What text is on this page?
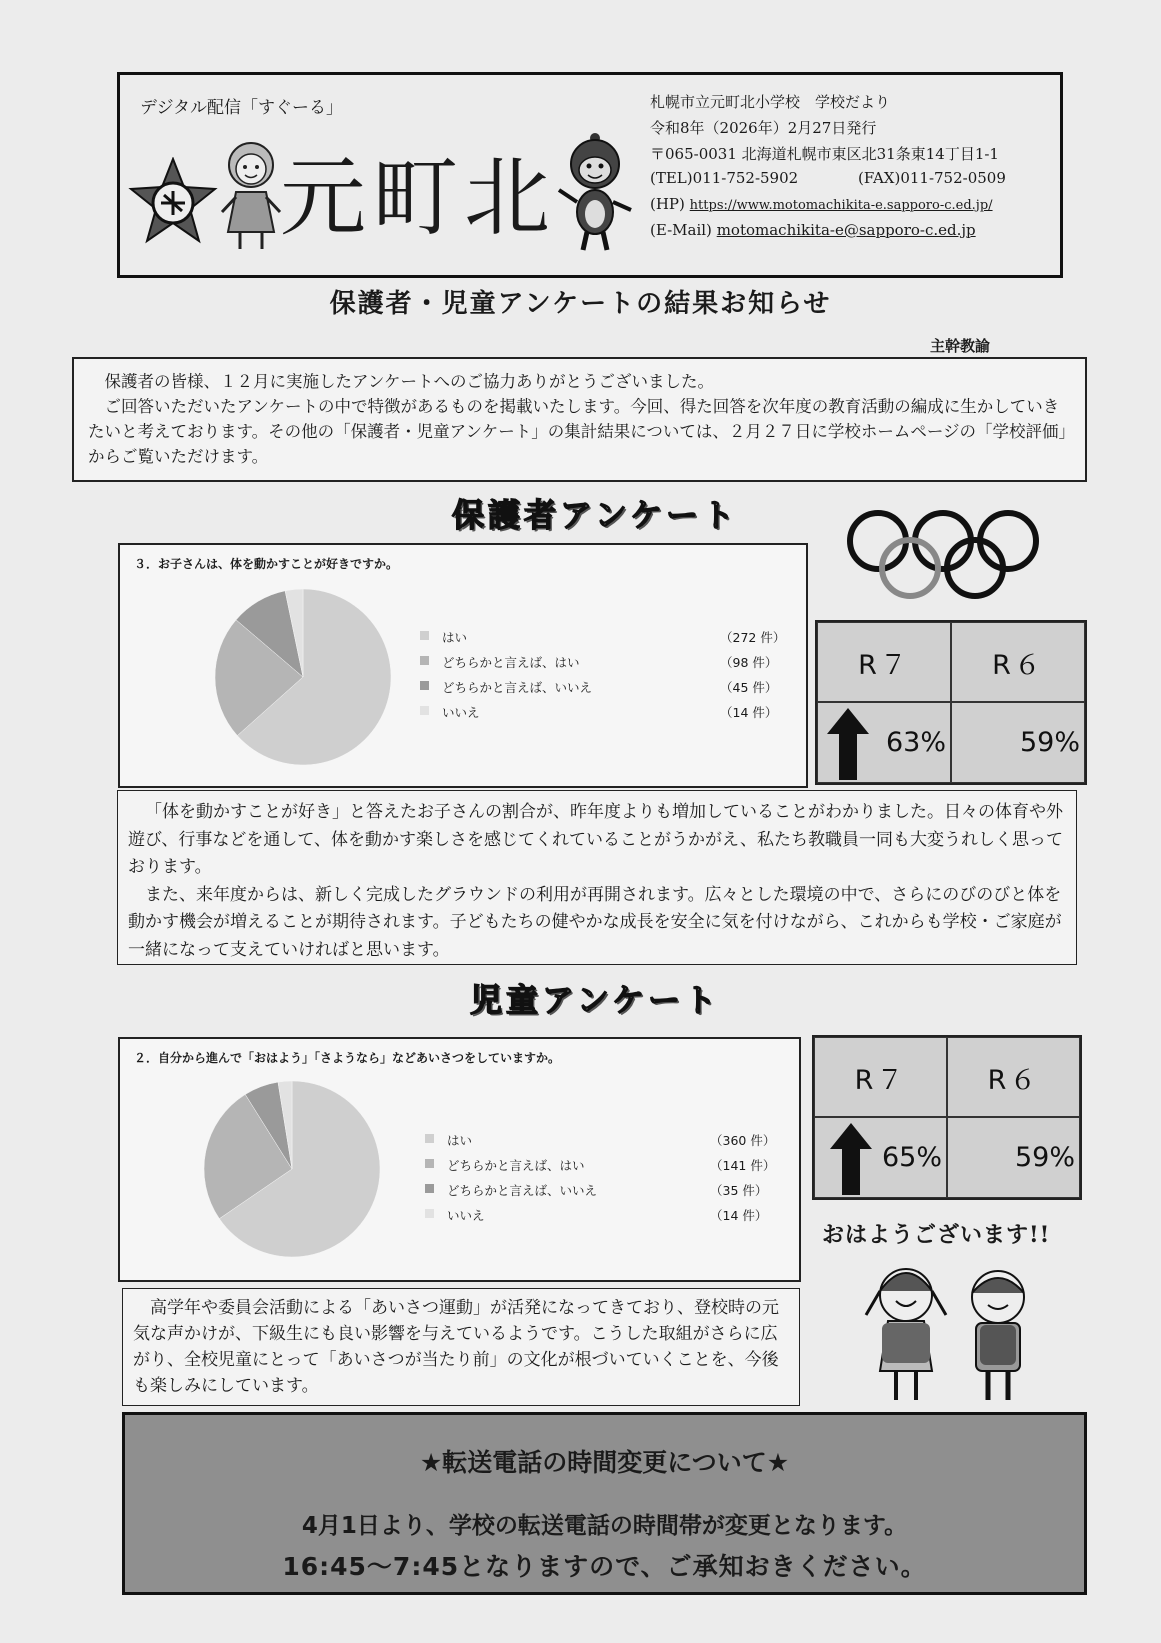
デジタル配信「すぐーる」
元町北
札幌市立元町北小学校　学校だより
令和8年（2026年）2月27日発行
〒065-0031 北海道札幌市東区北31条東14丁目1-1
(TEL)011-752-5902	(FAX)011-752-0509
(HP) https://www.motomachikita-e.sapporo-c.ed.jp/
(E-Mail) motomachikita-e@sapporo-c.ed.jp
保護者・児童アンケートの結果お知らせ
主幹教諭

保護者の皆様、１２月に実施したアンケートへのご協力ありがとうございました。

ご回答いただいたアンケートの中で特徴があるものを掲載いたします。今回、得た回答を次年度の教育活動の編成に生かしていきたいと考えております。その他の「保護者・児童アンケート」の集計結果については、２月２７日に学校ホームページの「学校評価」からご覧いただけます。

保護者アンケート
３．お子さんは、体を動かすことが好きですか。
はい	（272 件）
どちらかと言えば、はい	（98 件）
どちらかと言えば、いいえ	（45 件）
いいえ	（14 件）
R７	R６
63%	59%

「体を動かすことが好き」と答えたお子さんの割合が、昨年度よりも増加していることがわかりました。日々の体育や外遊び、行事などを通して、体を動かす楽しさを感じてくれていることがうかがえ、私たち教職員一同も大変うれしく思っております。

また、来年度からは、新しく完成したグラウンドの利用が再開されます。広々とした環境の中で、さらにのびのびと体を動かす機会が増えることが期待されます。子どもたちの健やかな成長を安全に気を付けながら、これからも学校・ご家庭が一緒になって支えていければと思います。

児童アンケート
２．自分から進んで「おはよう」「さようなら」などあいさつをしていますか。
はい	（360 件）
どちらかと言えば、はい	（141 件）
どちらかと言えば、いいえ	（35 件）
いいえ	（14 件）
R７	R６
65%	59%

高学年や委員会活動による「あいさつ運動」が活発になってきており、登校時の元気な声かけが、下級生にも良い影響を与えているようです。こうした取組がさらに広がり、全校児童にとって「あいさつが当たり前」の文化が根づいていくことを、今後も楽しみにしています。

おはようございます!!
★転送電話の時間変更について★
4月1日より、学校の転送電話の時間帯が変更となります。
16:45〜7:45となりますので、ご承知おきください。
